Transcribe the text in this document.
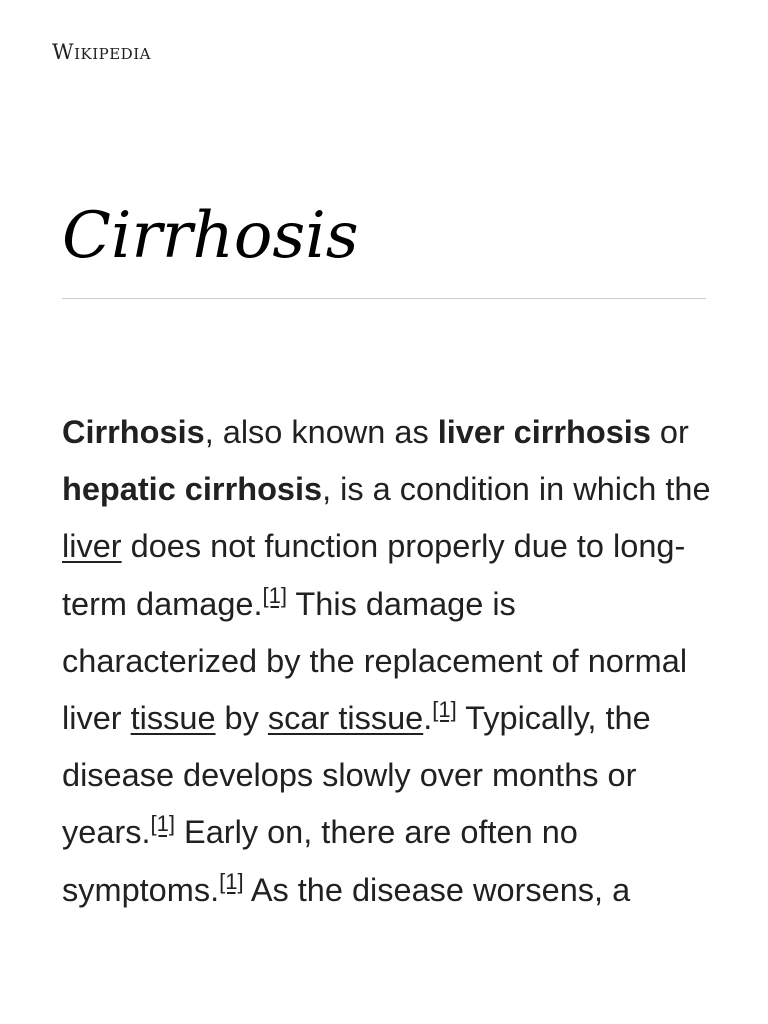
Wikipedia
Cirrhosis

Cirrhosis, also known as liver cirrhosis or hepatic cirrhosis, is a condition in which the liver does not function properly due to long-term damage.[1] This damage is characterized by the replacement of normal liver tissue by scar tissue.[1] Typically, the disease develops slowly over months or years.[1] Early on, there are often no symptoms.[1] As the disease worsens, a
